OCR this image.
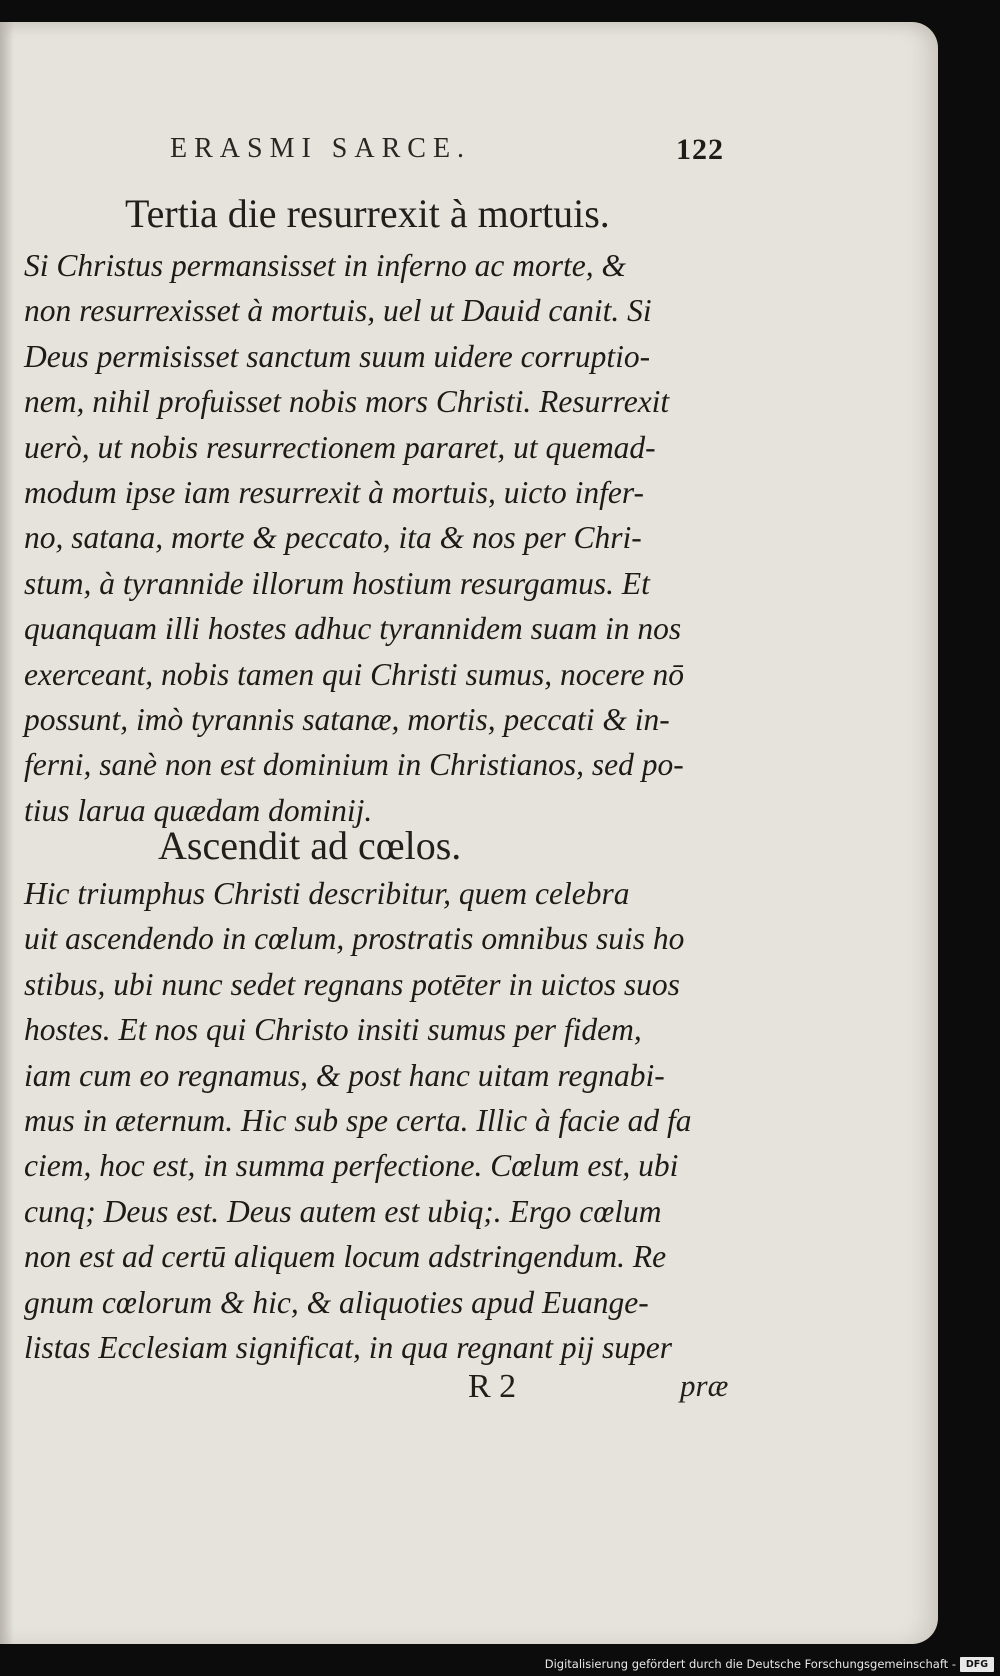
ERASMI SARCE.	122
Tertia die resurrexit à mortuis.
Si Christus permansisset in inferno ac morte, &
non resurrexisset à mortuis, uel ut Dauid canit. Si
Deus permisisset sanctum suum uidere corruptio-
nem, nihil profuisset nobis mors Christi. Resurrexit
uerò, ut nobis resurrectionem pararet, ut quemad-
modum ipse iam resurrexit à mortuis, uicto infer-
no, satana, morte & peccato, ita & nos per Chri-
stum, à tyrannide illorum hostium resurgamus. Et
quanquam illi hostes adhuc tyrannidem suam in nos
exerceant, nobis tamen qui Christi sumus, nocere nō
possunt, imò tyrannis satanæ, mortis, peccati & in-
ferni, sanè non est dominium in Christianos, sed po-
tius larua quædam dominij.
Ascendit ad cœlos.
Hic triumphus Christi describitur, quem celebra
uit ascendendo in cœlum, prostratis omnibus suis ho
stibus, ubi nunc sedet regnans potēter in uictos suos
hostes. Et nos qui Christo insiti sumus per fidem,
iam cum eo regnamus, & post hanc uitam regnabi-
mus in æternum. Hic sub spe certa. Illic à facie ad fa
ciem, hoc est, in summa perfectione. Cœlum est, ubi
cunq; Deus est. Deus autem est ubiq;. Ergo cœlum
non est ad certū aliquem locum adstringendum. Re
gnum cœlorum & hic, & aliquoties apud Euange-
listas Ecclesiam significat, in qua regnant pij super
R 2	præ
Digitalisierung gefördert durch die Deutsche Forschungsgemeinschaft -	DFG
